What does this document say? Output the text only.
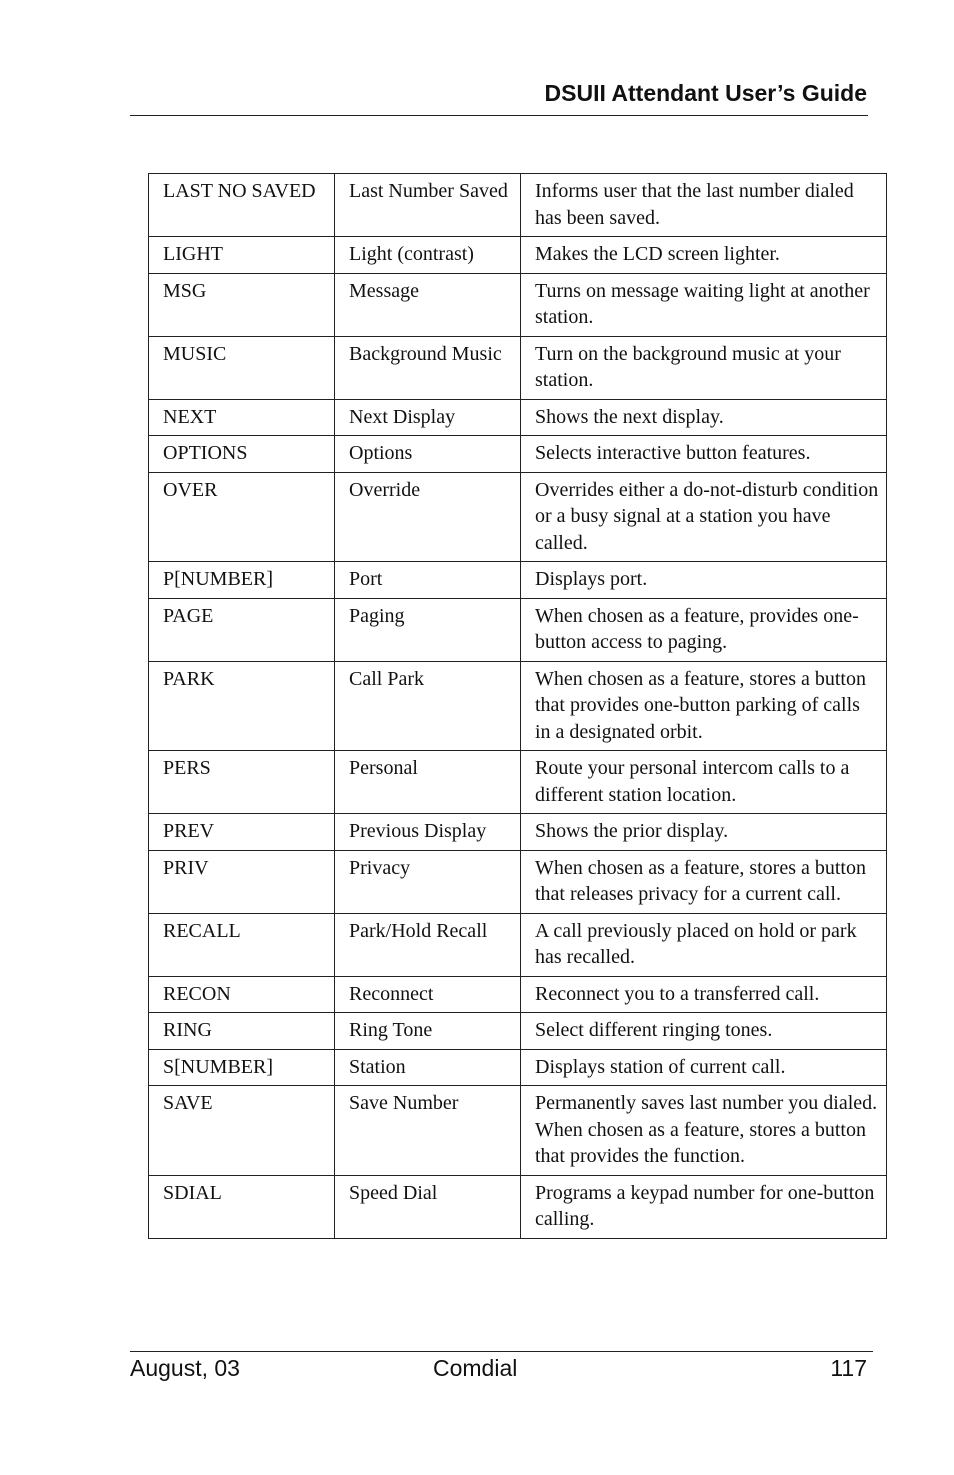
DSUII Attendant User’s Guide
LAST NO SAVED	Last Number Saved	Informs user that the last number dialed has been saved.
LIGHT	Light (contrast)	Makes the LCD screen lighter.
MSG	Message	Turns on message waiting light at another station.
MUSIC	Background Music	Turn on the background music at your station.
NEXT	Next Display	Shows the next display.
OPTIONS	Options	Selects interactive button features.
OVER	Override	Overrides either a do-not-disturb condition or a busy signal at a station you have called.
P[NUMBER]	Port	Displays port.
PAGE	Paging	When chosen as a feature, provides one-button access to paging.
PARK	Call Park	When chosen as a feature, stores a button that provides one-button parking of calls in a designated orbit.
PERS	Personal	Route your personal intercom calls to a different station location.
PREV	Previous Display	Shows the prior display.
PRIV	Privacy	When chosen as a feature, stores a button that releases privacy for a current call.
RECALL	Park/Hold Recall	A call previously placed on hold or park has recalled.
RECON	Reconnect	Reconnect you to a transferred call.
RING	Ring Tone	Select different ringing tones.
S[NUMBER]	Station	Displays station of current call.
SAVE	Save Number	Permanently saves last number you dialed. When chosen as a feature, stores a button that provides the function.
SDIAL	Speed Dial	Programs a keypad number for one-button calling.
August, 03	Comdial	117
